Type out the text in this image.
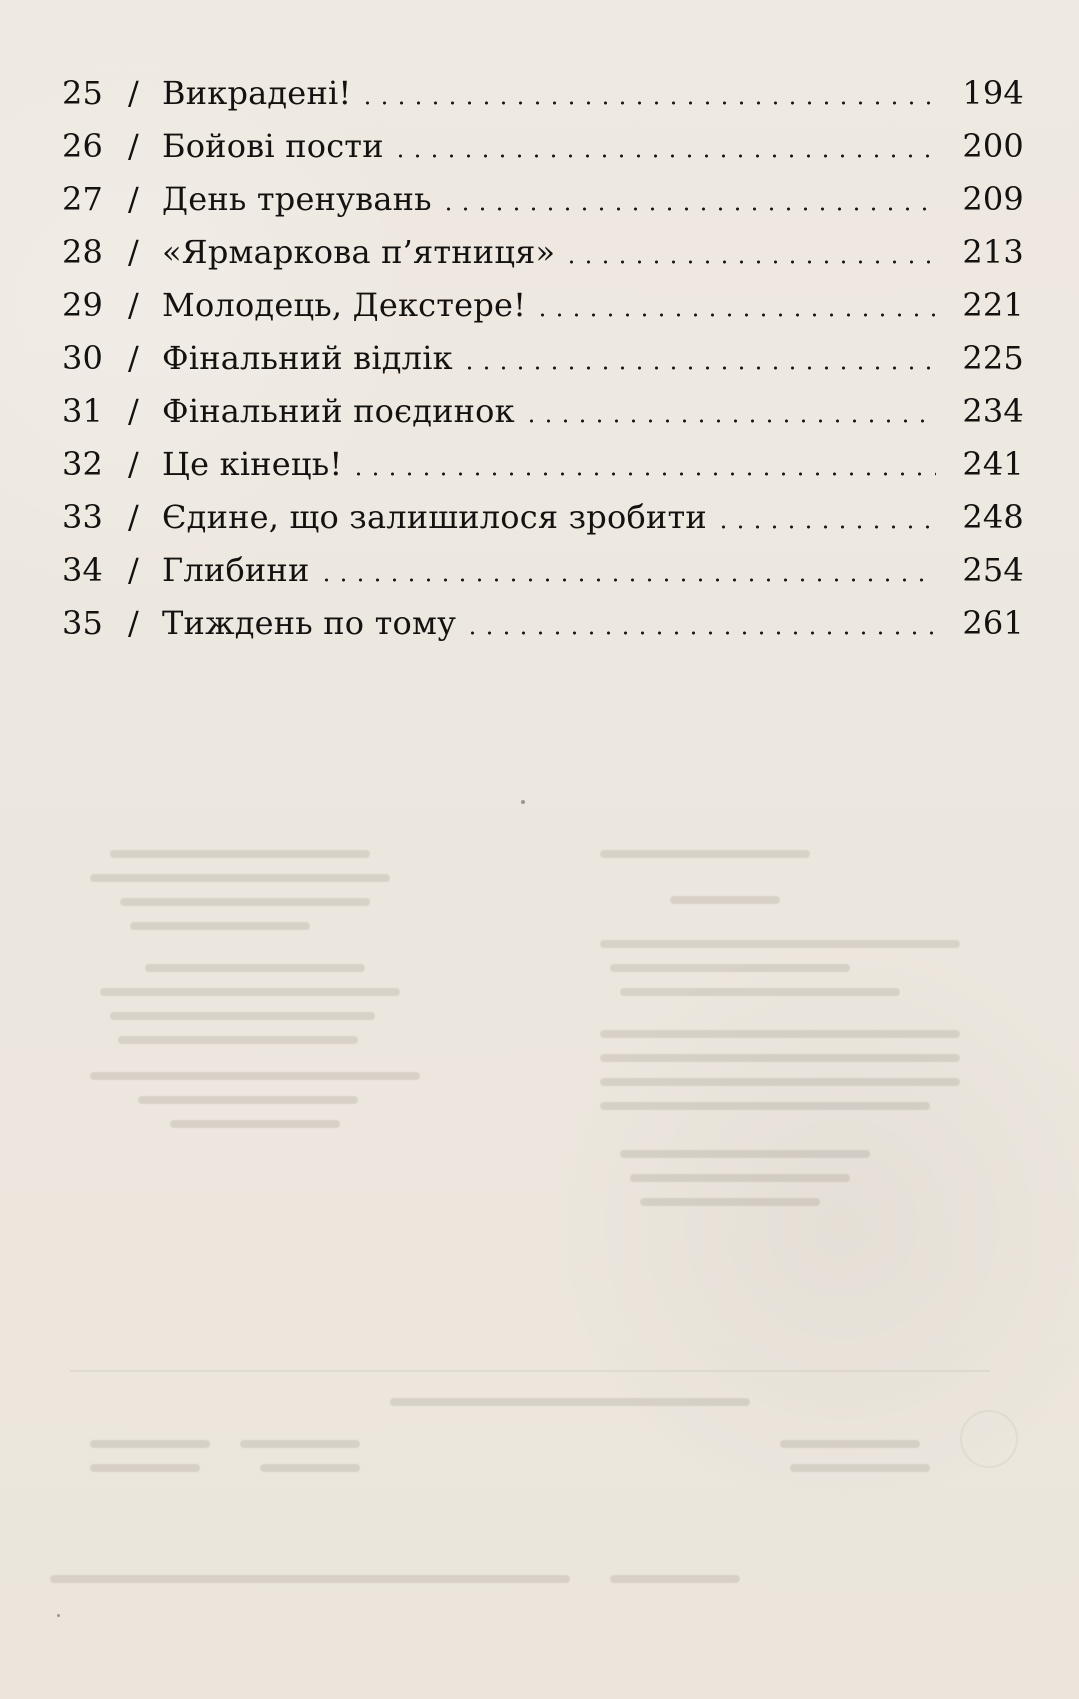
25 / Викрадені!	194
26 / Бойові пости	200
27 / День тренувань	209
28 / «Ярмаркова п’ятниця»	213
29 / Молодець, Декстере!	221
30 / Фінальний відлік	225
31 / Фінальний поєдинок	234
32 / Це кінець!	241
33 / Єдине, що залишилося зробити	248
34 / Глибини	254
35 / Тиждень по тому	261
